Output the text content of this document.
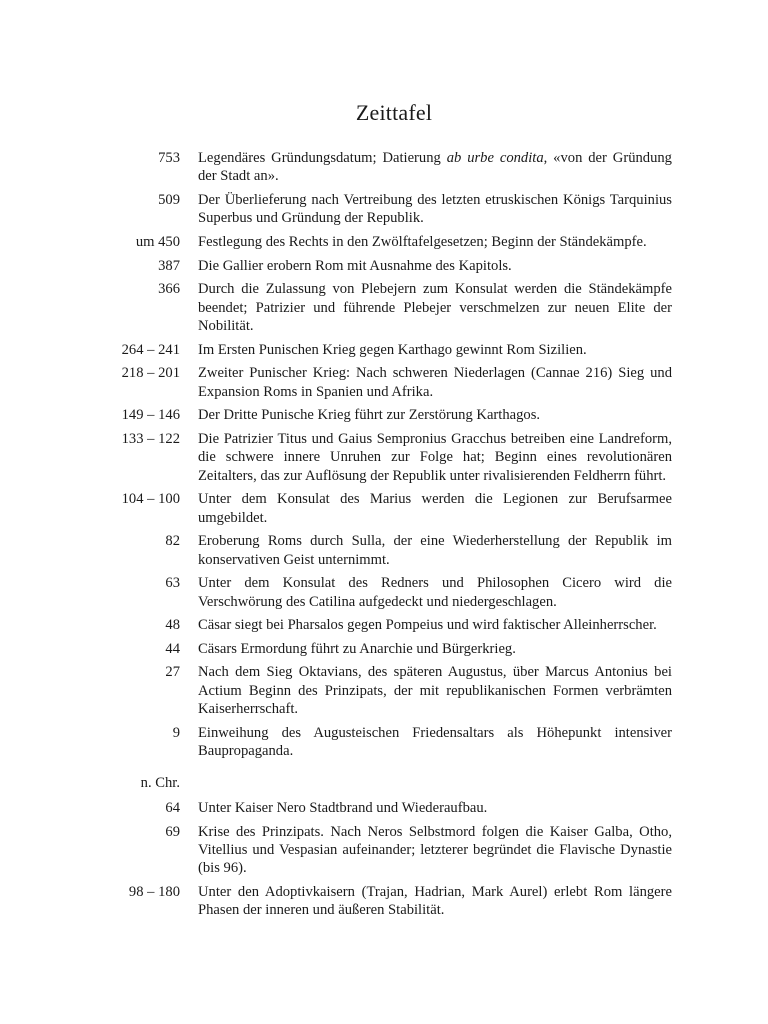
Zeittafel
753 Legendäres Gründungsdatum; Datierung ab urbe condita, «von der Gründung der Stadt an».
509 Der Überlieferung nach Vertreibung des letzten etruskischen Königs Tarquinius Superbus und Gründung der Republik.
um 450 Festlegung des Rechts in den Zwölftafelgesetzen; Beginn der Ständekämpfe.
387 Die Gallier erobern Rom mit Ausnahme des Kapitols.
366 Durch die Zulassung von Plebejern zum Konsulat werden die Ständekämpfe beendet; Patrizier und führende Plebejer verschmelzen zur neuen Elite der Nobilität.
264 – 241 Im Ersten Punischen Krieg gegen Karthago gewinnt Rom Sizilien.
218 – 201 Zweiter Punischer Krieg: Nach schweren Niederlagen (Cannae 216) Sieg und Expansion Roms in Spanien und Afrika.
149 – 146 Der Dritte Punische Krieg führt zur Zerstörung Karthagos.
133 – 122 Die Patrizier Titus und Gaius Sempronius Gracchus betreiben eine Landreform, die schwere innere Unruhen zur Folge hat; Beginn eines revolutionären Zeitalters, das zur Auflösung der Republik unter rivalisierenden Feldherrn führt.
104 – 100 Unter dem Konsulat des Marius werden die Legionen zur Berufsarmee umgebildet.
82 Eroberung Roms durch Sulla, der eine Wiederherstellung der Republik im konservativen Geist unternimmt.
63 Unter dem Konsulat des Redners und Philosophen Cicero wird die Verschwörung des Catilina aufgedeckt und niedergeschlagen.
48 Cäsar siegt bei Pharsalos gegen Pompeius und wird faktischer Alleinherrscher.
44 Cäsars Ermordung führt zu Anarchie und Bürgerkrieg.
27 Nach dem Sieg Oktavians, des späteren Augustus, über Marcus Antonius bei Actium Beginn des Prinzipats, der mit republikanischen Formen verbrämten Kaiserherrschaft.
9 Einweihung des Augusteischen Friedensaltars als Höhepunkt intensiver Baupropaganda.
n. Chr.
64 Unter Kaiser Nero Stadtbrand und Wiederaufbau.
69 Krise des Prinzipats. Nach Neros Selbstmord folgen die Kaiser Galba, Otho, Vitellius und Vespasian aufeinander; letzterer begründet die Flavische Dynastie (bis 96).
98 – 180 Unter den Adoptivkaisern (Trajan, Hadrian, Mark Aurel) erlebt Rom längere Phasen der inneren und äußeren Stabilität.
